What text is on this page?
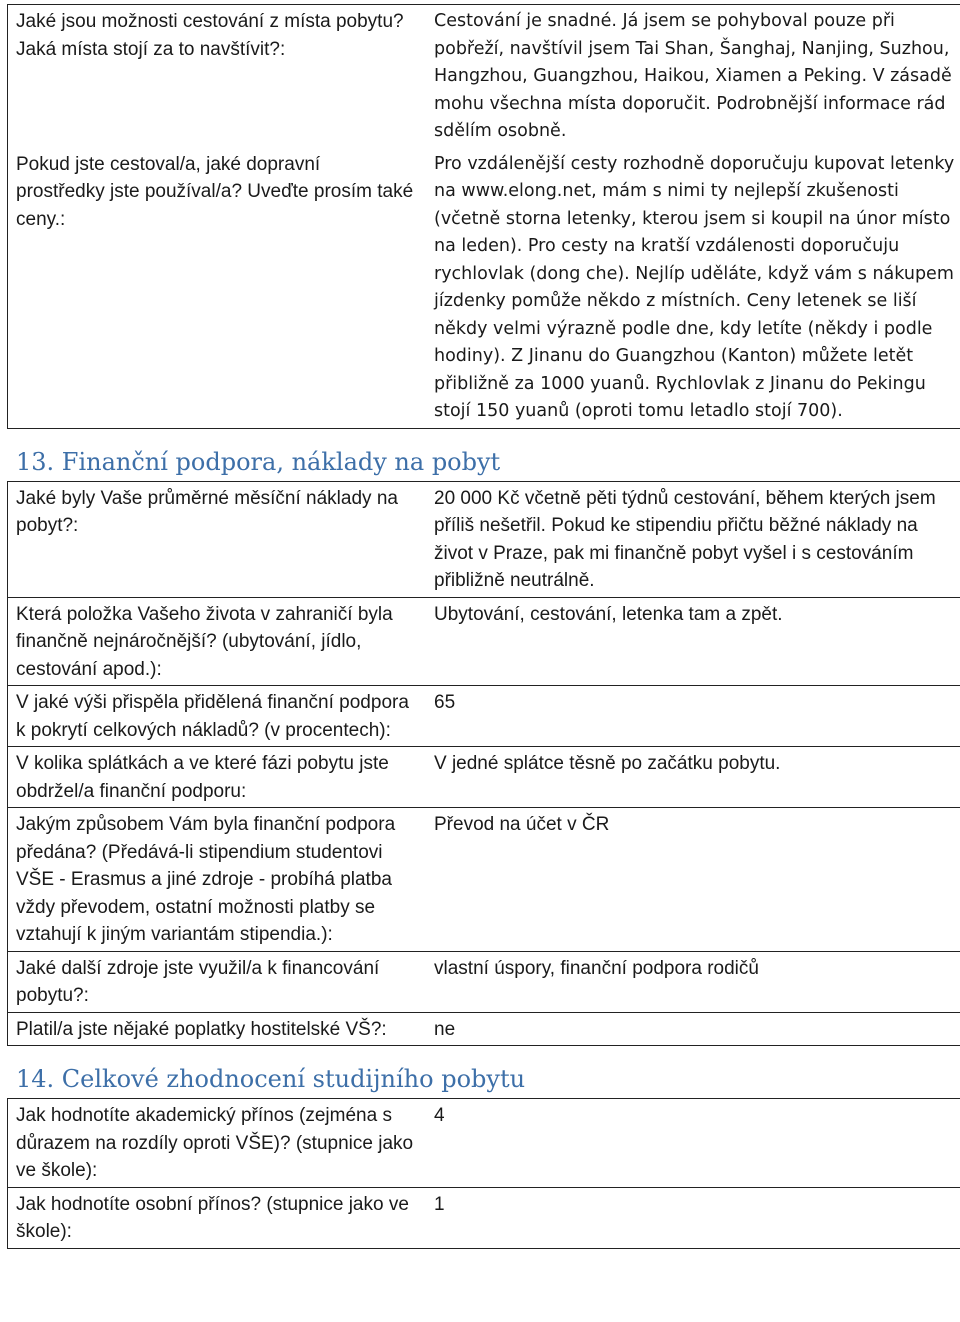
Jaké jsou možnosti cestování z místa pobytu? Jaká místa stojí za to navštívit?:	Cestování je snadné. Já jsem se pohyboval pouze při pobřeží, navštívil jsem Tai Shan, Šanghaj, Nanjing, Suzhou, Hangzhou, Guangzhou, Haikou, Xiamen a Peking. V zásadě mohu všechna místa doporučit. Podrobnější informace rád sdělím osobně.
Pokud jste cestoval/a, jaké dopravní prostředky jste používal/a? Uveďte prosím také ceny.:	Pro vzdálenější cesty rozhodně doporučuju kupovat letenky na www.elong.net, mám s nimi ty nejlepší zkušenosti (včetně storna letenky, kterou jsem si koupil na únor místo na leden). Pro cesty na kratší vzdálenosti doporučuju rychlovlak (dong che). Nejlíp uděláte, když vám s nákupem jízdenky pomůže někdo z místních. Ceny letenek se liší někdy velmi výrazně podle dne, kdy letíte (někdy i podle hodiny). Z Jinanu do Guangzhou (Kanton) můžete letět přibližně za 1000 yuanů. Rychlovlak z Jinanu do Pekingu stojí 150 yuanů (oproti tomu letadlo stojí 700).
13. Finanční podpora, náklady na pobyt
Jaké byly Vaše průměrné měsíční náklady na pobyt?:	20 000 Kč včetně pěti týdnů cestování, během kterých jsem příliš nešetřil. Pokud ke stipendiu přičtu běžné náklady na život v Praze, pak mi finančně pobyt vyšel i s cestováním přibližně neutrálně.
Která položka Vašeho života v zahraničí byla finančně nejnáročnější? (ubytování, jídlo, cestování apod.):	Ubytování, cestování, letenka tam a zpět.
V jaké výši přispěla přidělená finanční podpora k pokrytí celkových nákladů? (v procentech):	65
V kolika splátkách a ve které fázi pobytu jste obdržel/a finanční podporu:	V jedné splátce těsně po začátku pobytu.
Jakým způsobem Vám byla finanční podpora předána? (Předává-li stipendium studentovi VŠE - Erasmus a jiné zdroje - probíhá platba vždy převodem, ostatní možnosti platby se vztahují k jiným variantám stipendia.):	Převod na účet v ČR
Jaké další zdroje jste využil/a k financování pobytu?:	vlastní úspory, finanční podpora rodičů
Platil/a jste nějaké poplatky hostitelské VŠ?:	ne
14. Celkové zhodnocení studijního pobytu
Jak hodnotíte akademický přínos (zejména s důrazem na rozdíly oproti VŠE)? (stupnice jako ve škole):	4
Jak hodnotíte osobní přínos? (stupnice jako ve škole):	1
